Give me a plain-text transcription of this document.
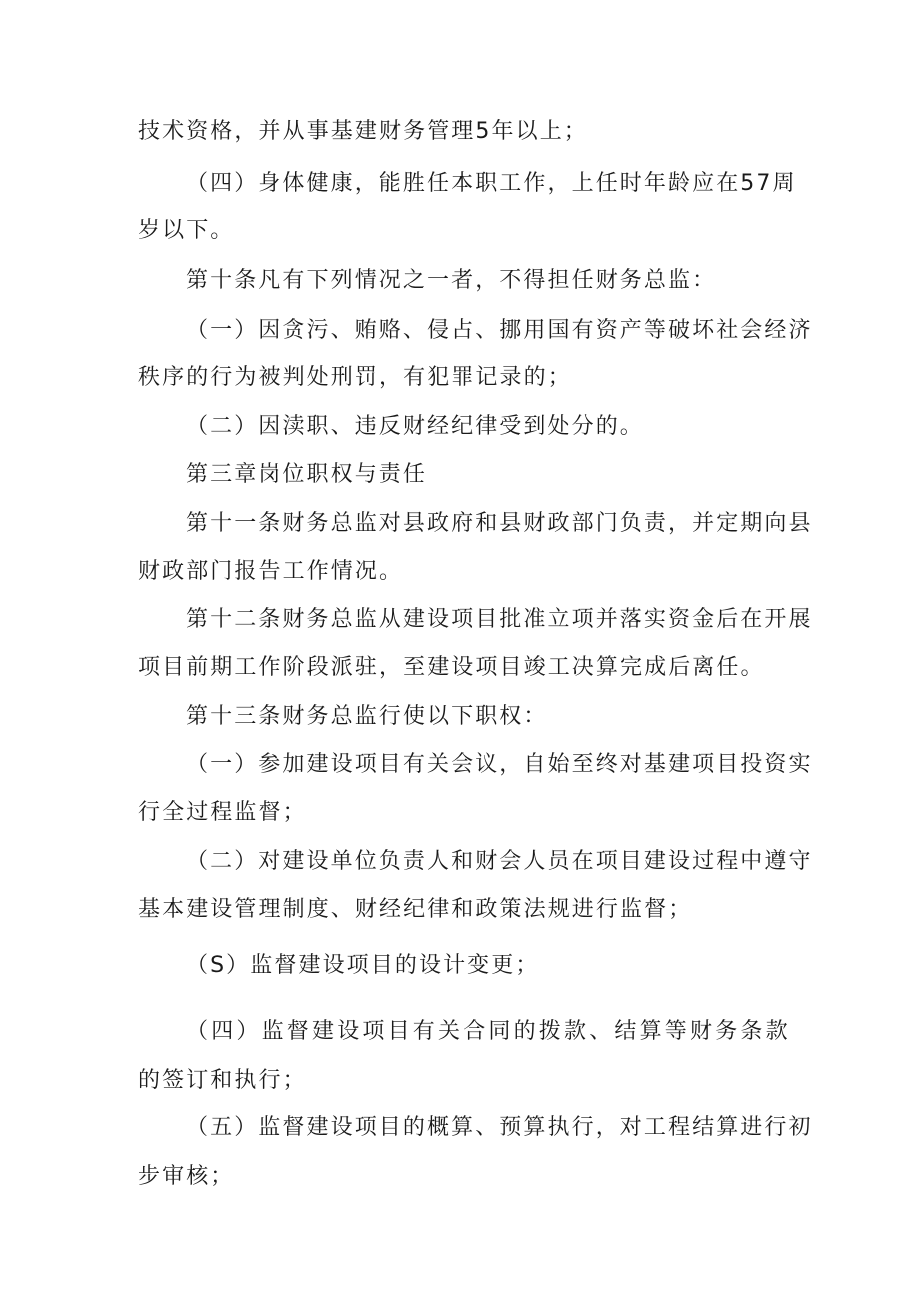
技术资格，并从事基建财务管理5年以上；
（四）身体健康，能胜任本职工作，上任时年龄应在57周
岁以下。
第十条凡有下列情况之一者，不得担任财务总监：
（一）因贪污、贿赂、侵占、挪用国有资产等破坏社会经济
秩序的行为被判处刑罚，有犯罪记录的；
（二）因渎职、违反财经纪律受到处分的。
第三章岗位职权与责任
第十一条财务总监对县政府和县财政部门负责，并定期向县
财政部门报告工作情况。
第十二条财务总监从建设项目批准立项并落实资金后在开展
项目前期工作阶段派驻，至建设项目竣工决算完成后离任。
第十三条财务总监行使以下职权：
（一）参加建设项目有关会议，自始至终对基建项目投资实
行全过程监督；
（二）对建设单位负责人和财会人员在项目建设过程中遵守
基本建设管理制度、财经纪律和政策法规进行监督；
（S）监督建设项目的设计变更；
（四）监督建设项目有关合同的拨款、结算等财务条款
的签订和执行；
（五）监督建设项目的概算、预算执行，对工程结算进行初
步审核；
